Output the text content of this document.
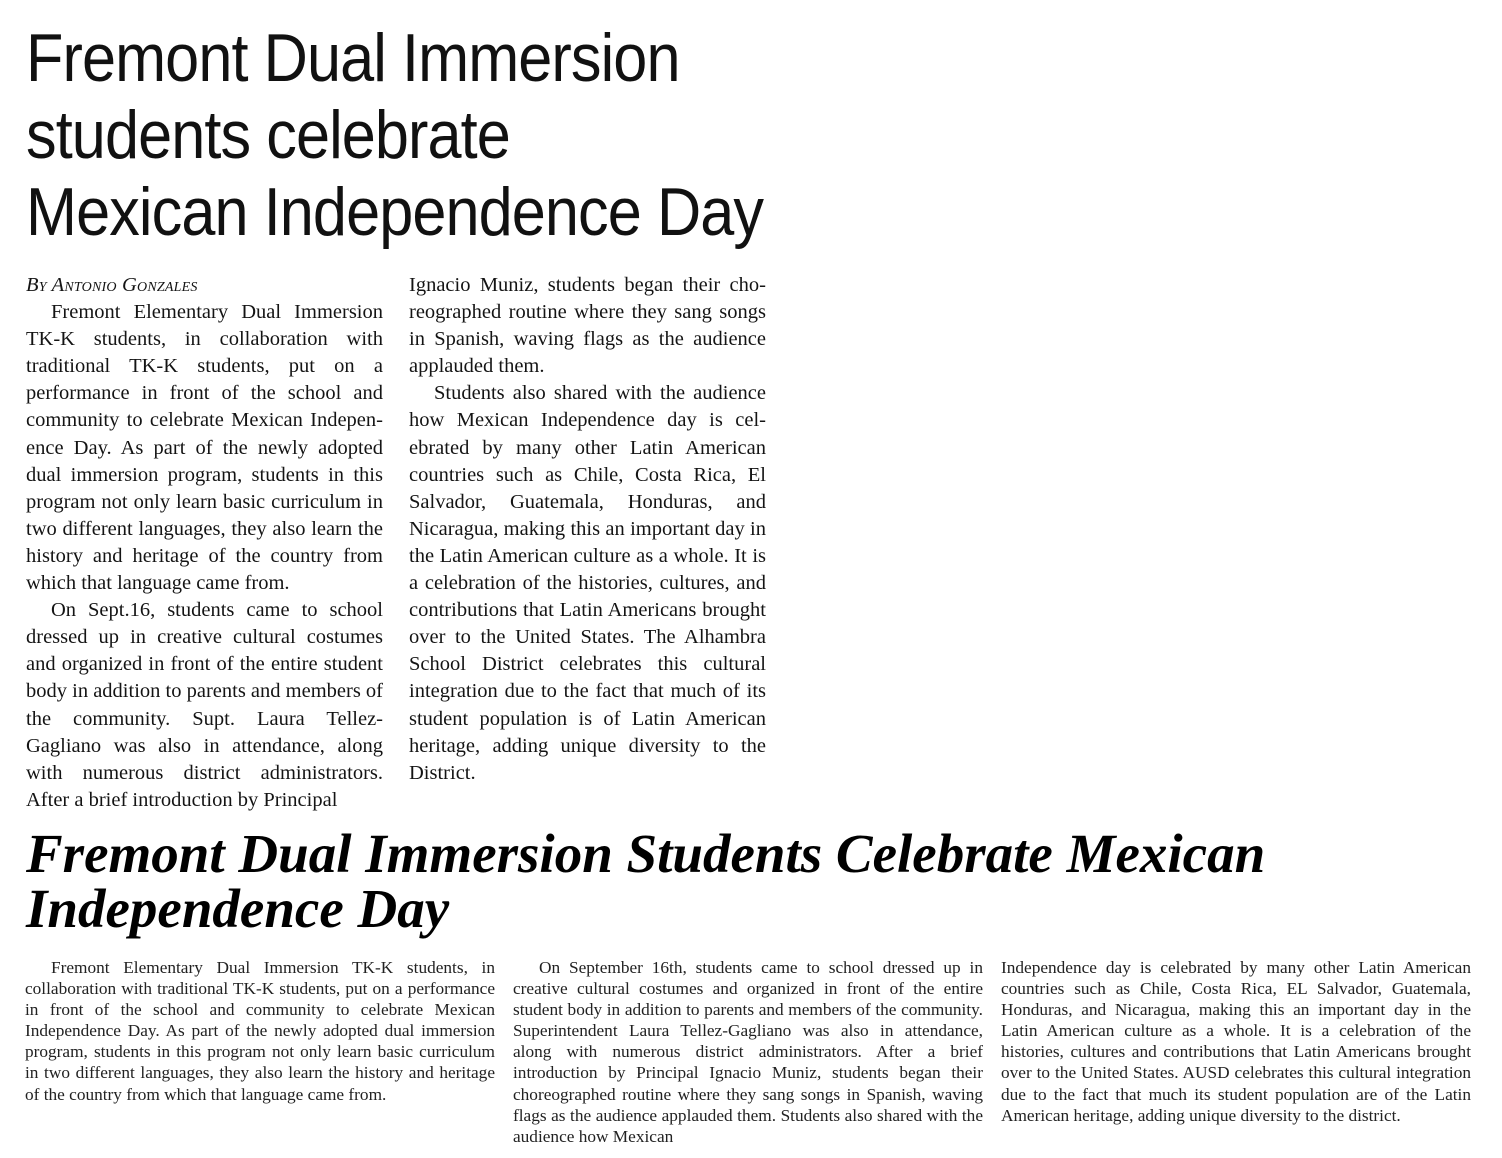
Fremont Dual Immersion
students celebrate
Mexican Independence Day

By Antonio Gonzales

Fremont Elementary Dual Immersion TK-K students, in collaboration with traditional TK-K students, put on a performance in front of the school and community to celebrate Mexican Indepenence Day. As part of the newly adopted dual immersion program, students in this program not only learn basic curriculum in two different languages, they also learn the history and heritage of the country from which that language came from.

On Sept.16, students came to school dressed up in creative cultural costumes and organized in front of the entire student body in addition to parents and members of the community. Supt. Laura Tellez-Gagliano was also in attendance, along with numerous district administrators. After a brief introduction by Principal

Ignacio Muniz, students began their choreographed routine where they sang songs in Spanish, waving flags as the audience applauded them.

Students also shared with the audience how Mexican Independence day is celebrated by many other Latin American countries such as Chile, Costa Rica, El Salvador, Guatemala, Honduras, and Nicaragua, making this an important day in the Latin American culture as a whole. It is a celebration of the histories, cultures, and contributions that Latin Americans brought over to the United States. The Alhambra School District celebrates this cultural integration due to the fact that much of its student population is of Latin American heritage, adding unique diversity to the District.

Fremont Dual Immersion Students Celebrate Mexican Independence Day

Fremont Elementary Dual Immersion TK-K students, in collaboration with traditional TK-K students, put on a performance in front of the school and community to celebrate Mexican Independence Day. As part of the newly adopted dual immersion program, students in this program not only learn basic curriculum in two different languages, they also learn the history and heritage of the country from which that language came from.

On September 16th, students came to school dressed up in creative cultural costumes and organized in front of the entire student body in addition to parents and members of the community. Superintendent Laura Tellez-Gagliano was also in attendance, along with numerous district administrators. After a brief introduction by Principal Ignacio Muniz, students began their choreographed routine where they sang songs in Spanish, waving flags as the audience applauded them. Students also shared with the audience how Mexican

Independence day is celebrated by many other Latin American countries such as Chile, Costa Rica, EL Salvador, Guatemala, Honduras, and Nicaragua, making this an important day in the Latin American culture as a whole. It is a celebration of the histories, cultures and contributions that Latin Americans brought over to the United States. AUSD celebrates this cultural integration due to the fact that much its student population are of the Latin American heritage, adding unique diversity to the district.
